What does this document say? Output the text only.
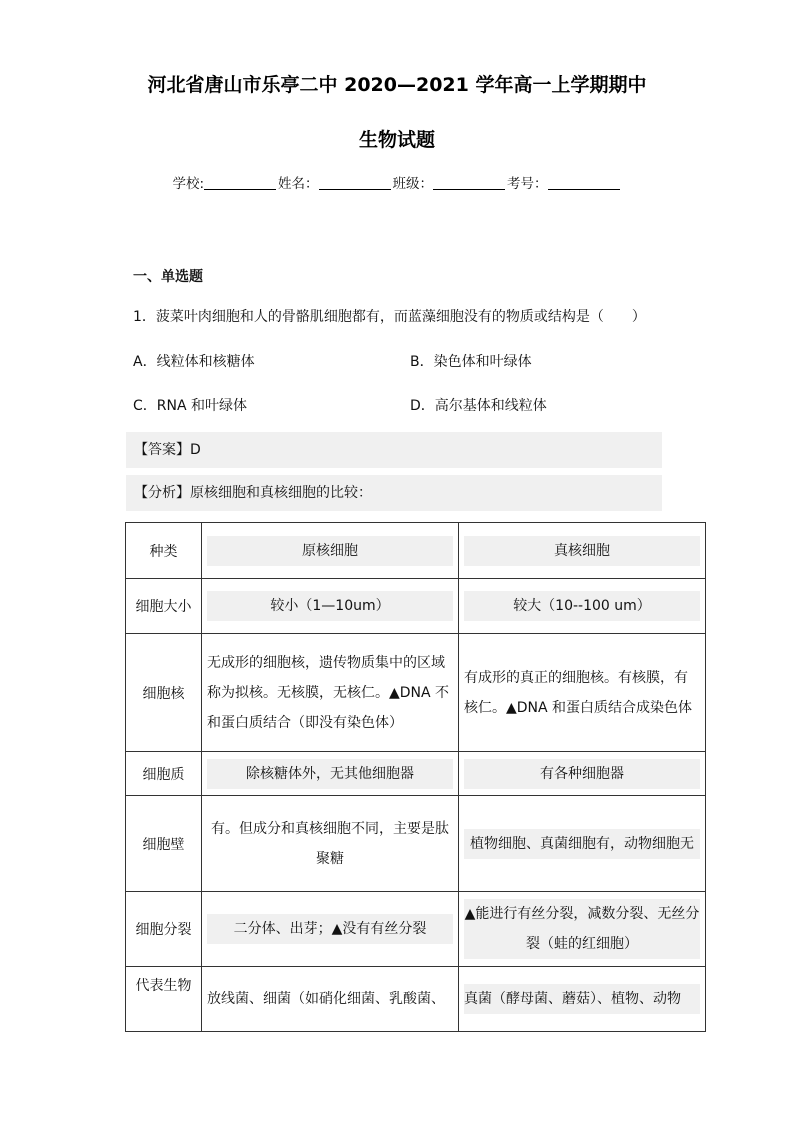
河北省唐山市乐亭二中 2020—2021 学年高一上学期期中
生物试题
学校:	姓名：	班级：	考号：
一、单选题
1．菠菜叶肉细胞和人的骨骼肌细胞都有，而蓝藻细胞没有的物质或结构是（　　）
A．线粒体和核糖体	B．染色体和叶绿体
C．RNA 和叶绿体	D．高尔基体和线粒体
【答案】D
【分析】原核细胞和真核细胞的比较：
种类	原核细胞	真核细胞

细胞大小	较小（1—10um）	较大（10--100 um）

细胞核	无成形的细胞核，遗传物质集中的区域称为拟核。无核膜，无核仁。▲DNA 不和蛋白质结合（即没有染色体）	有成形的真正的细胞核。有核膜，有核仁。▲DNA 和蛋白质结合成染色体

细胞质	除核糖体外，无其他细胞器	有各种细胞器

细胞壁	有。但成分和真核细胞不同，主要是肽聚糖	植物细胞、真菌细胞有，动物细胞无

细胞分裂	二分体、出芽；▲没有有丝分裂	▲能进行有丝分裂，减数分裂、无丝分裂（蛙的红细胞）

代表生物	放线菌、细菌（如硝化细菌、乳酸菌、	真菌（酵母菌、蘑菇）、植物、动物
